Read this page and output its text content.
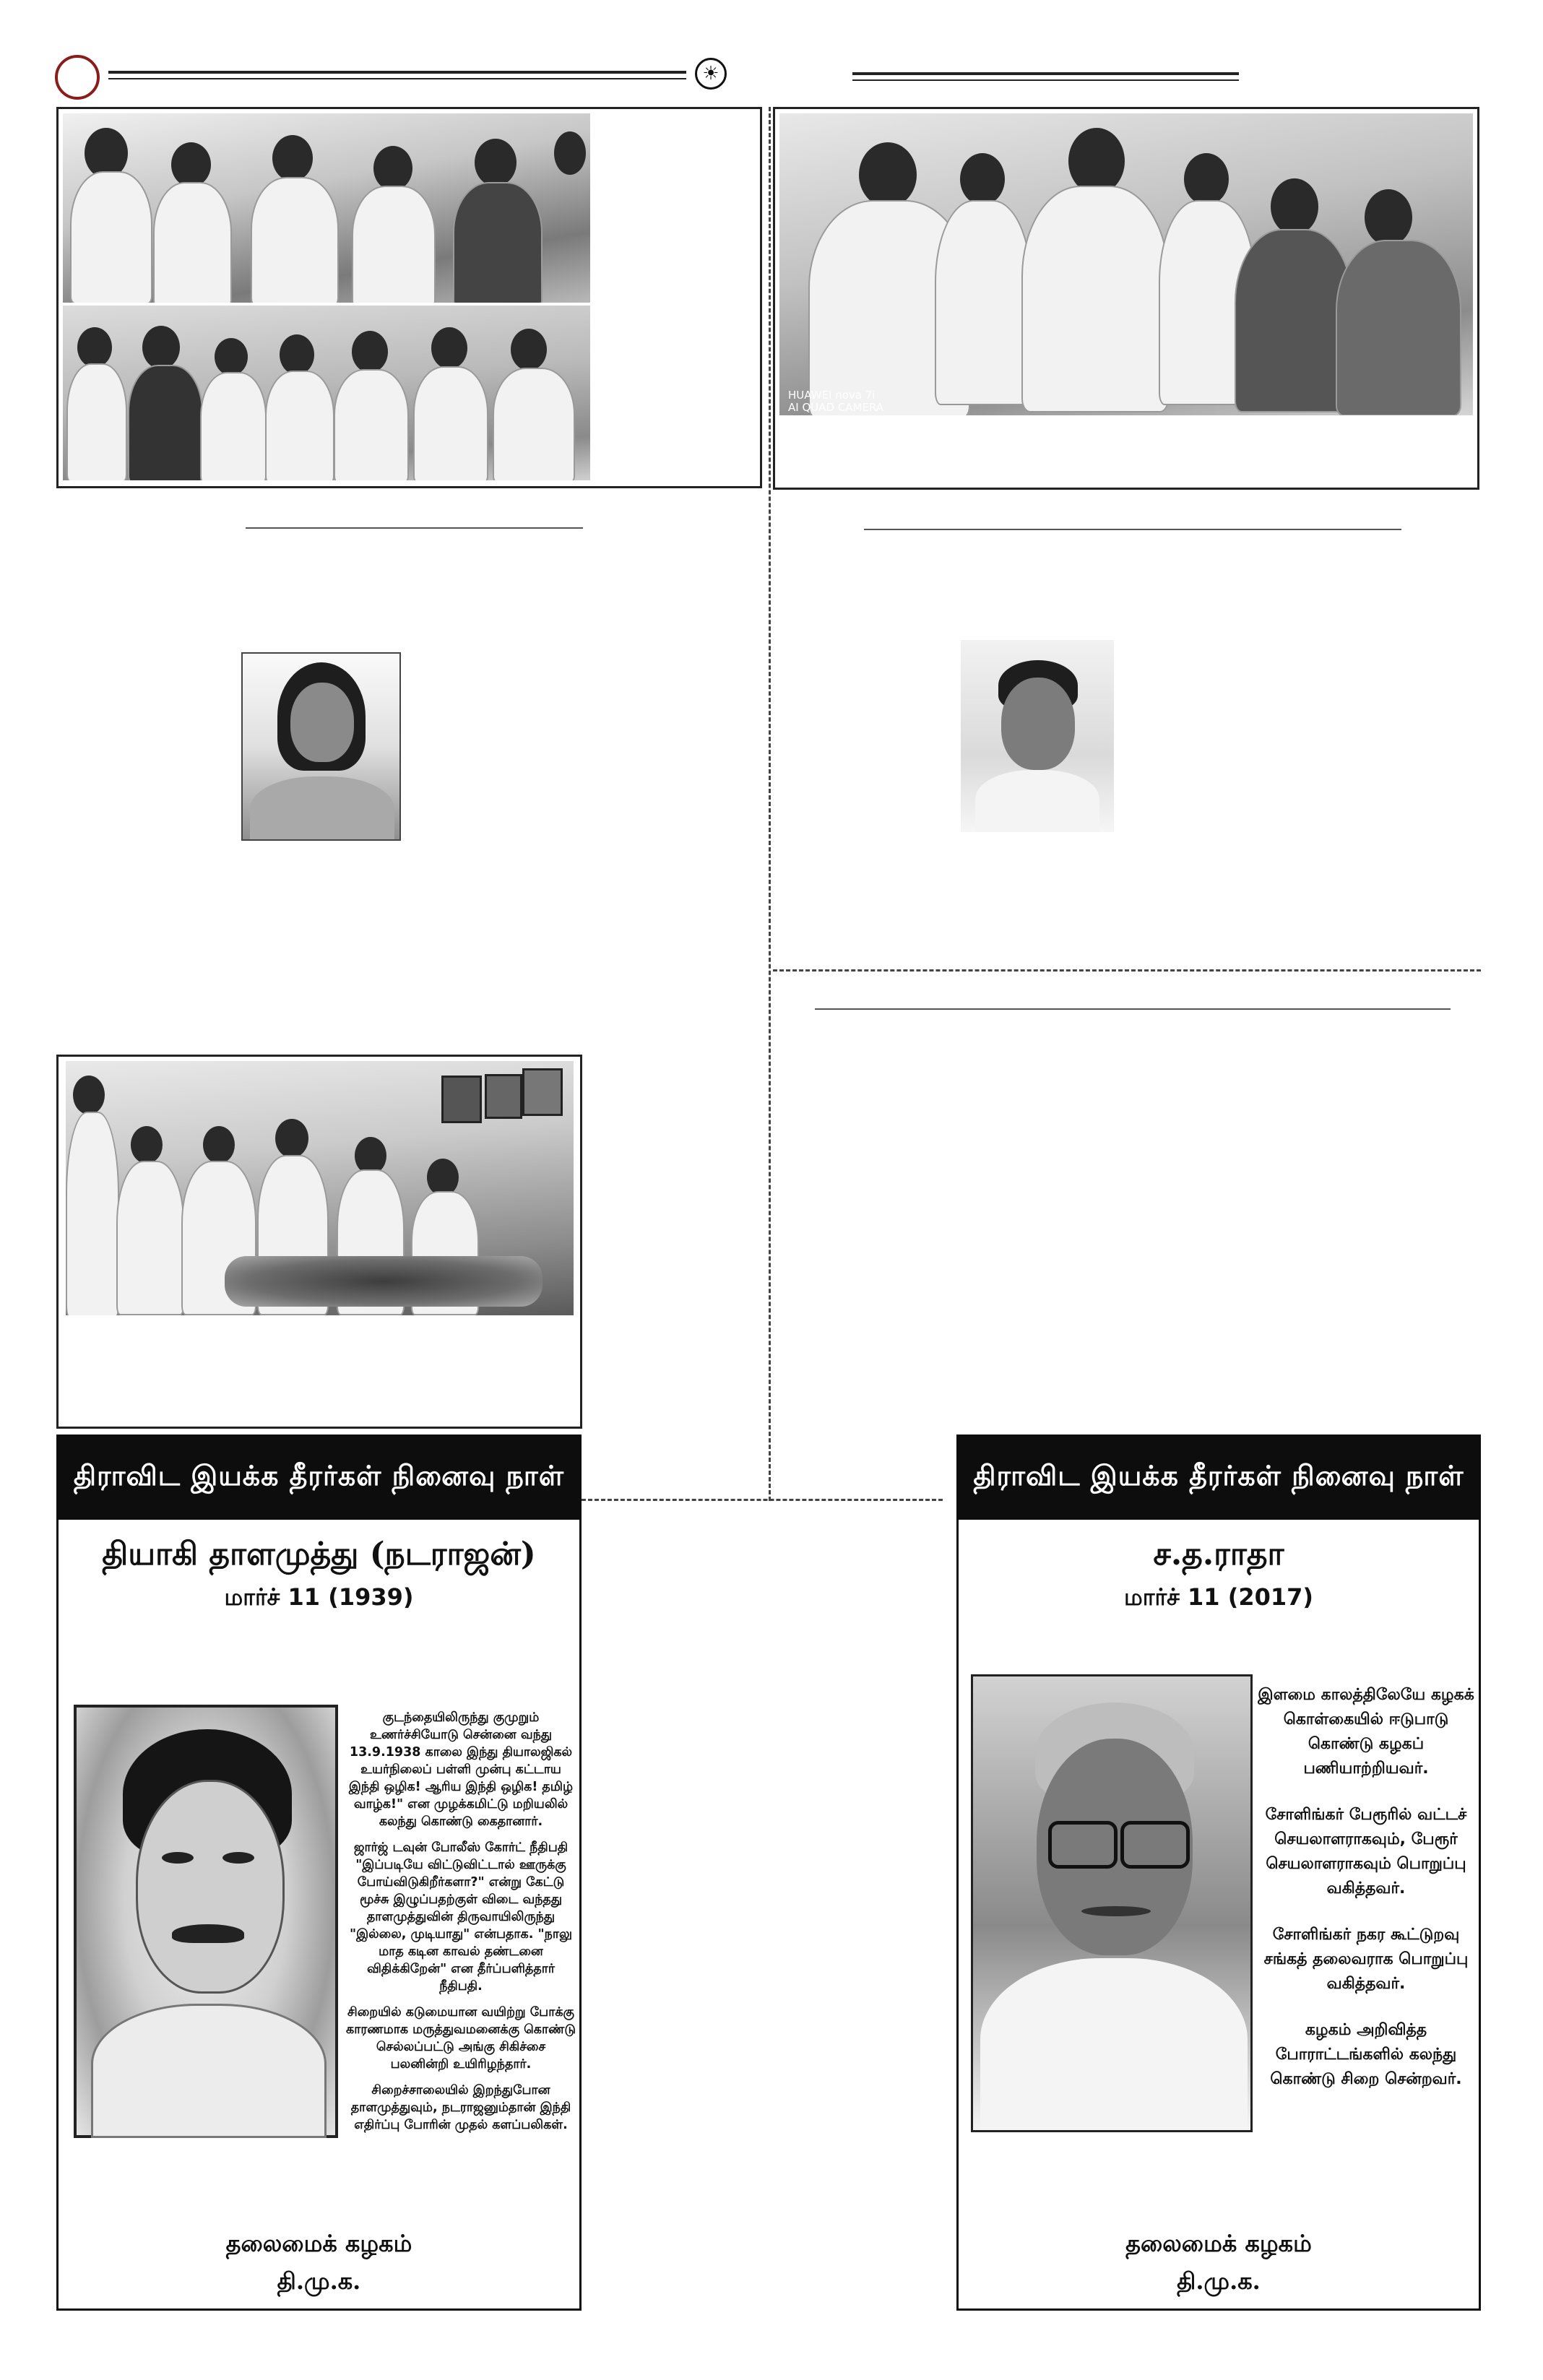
☀
HUAWEI nova 7i
AI QUAD CAMERA
திராவிட இயக்க தீரர்கள் நினைவு நாள்
தியாகி தாளமுத்து (நடராஜன்)
மார்ச் 11 (1939)

குடந்தையிலிருந்து குமுறும் உணர்ச்சியோடு சென்னை வந்து 13.9.1938 காலை இந்து தியாலஜிகல் உயர்நிலைப் பள்ளி முன்பு கட்டாய இந்தி ஒழிக! ஆரிய இந்தி ஒழிக! தமிழ் வாழ்க!" என முழக்கமிட்டு மறியலில் கலந்து கொண்டு கைதானார்.

ஜார்ஜ் டவுன் போலீஸ் கோர்ட் நீதிபதி "இப்படியே விட்டுவிட்டால் ஊருக்கு போய்விடுகிறீர்களா?" என்று கேட்டு மூச்சு இழுப்பதற்குள் விடை வந்தது தாளமுத்துவின் திருவாயிலிருந்து "இல்லை, முடியாது" என்பதாக. "நாலு மாத கடின காவல் தண்டனை விதிக்கிறேன்" என தீர்ப்பளித்தார் நீதிபதி.

சிறையில் கடுமையான வயிற்று போக்கு காரணமாக மருத்துவமனைக்கு கொண்டு செல்லப்பட்டு அங்கு சிகிச்சை பலனின்றி உயிரிழந்தார்.

சிறைச்சாலையில் இறந்துபோன தாளமுத்துவும், நடராஜனும்தான் இந்தி எதிர்ப்பு போரின் முதல் களப்பலிகள்.

தலைமைக் கழகம்
தி.மு.க.
திராவிட இயக்க தீரர்கள் நினைவு நாள்
ச.த.ராதா
மார்ச் 11 (2017)

இளமை காலத்திலேயே கழகக் கொள்கையில் ஈடுபாடு கொண்டு கழகப் பணியாற்றியவர்.

சோளிங்கர் பேரூரில் வட்டச் செயலாளராகவும், பேரூர் செயலாளராகவும் பொறுப்பு வகித்தவர்.

சோளிங்கர் நகர கூட்டுறவு சங்கத் தலைவராக பொறுப்பு வகித்தவர்.

கழகம் அறிவித்த போராட்டங்களில் கலந்து கொண்டு சிறை சென்றவர்.

தலைமைக் கழகம்
தி.மு.க.
